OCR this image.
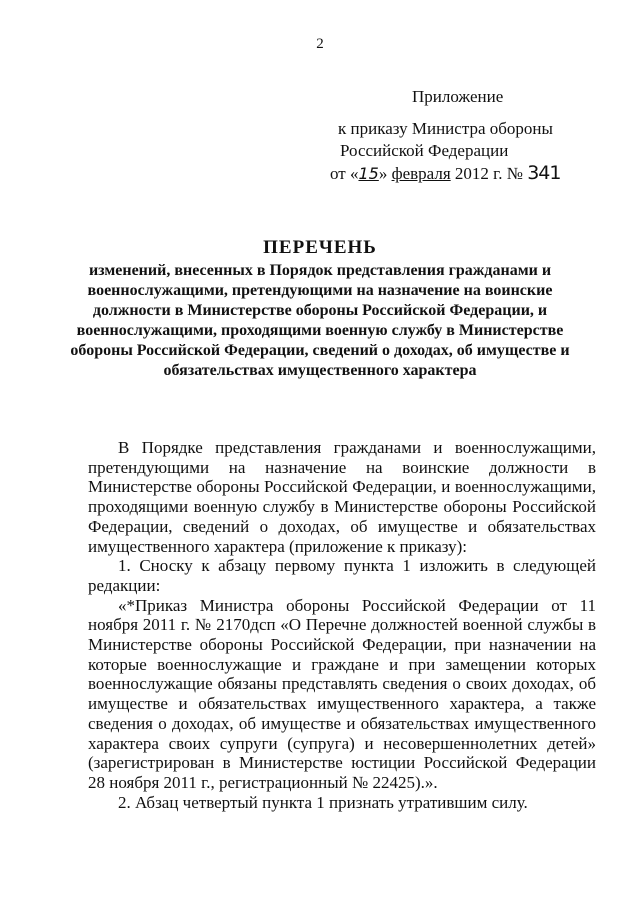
2
Приложение
к приказу Министра обороны
Российской Федерации
от «15» февраля 2012 г. № 341
ПЕРЕЧЕНЬ
изменений, внесенных в Порядок представления гражданами и военнослужащими, претендующими на назначение на воинские должности в Министерстве обороны Российской Федерации, и военнослужащими, проходящими военную службу в Министерстве обороны Российской Федерации, сведений о доходах, об имуществе и обязательствах имущественного характера

В Порядке представления гражданами и военнослужащими, претендующими на назначение на воинские должности в Министерстве обороны Российской Федерации, и военнослужащими, проходящими военную службу в Министерстве обороны Российской Федерации, сведений о доходах, об имуществе и обязательствах имущественного характера (приложение к приказу):

1. Сноску к абзацу первому пункта 1 изложить в следующей редакции:

«*Приказ Министра обороны Российской Федерации от 11 ноября 2011 г. № 2170дсп «О Перечне должностей военной службы в Министерстве обороны Российской Федерации, при назначении на которые военнослужащие и граждане и при замещении которых военнослужащие обязаны представлять сведения о своих доходах, об имуществе и обязательствах имущественного характера, а также сведения о доходах, об имуществе и обязательствах имущественного характера своих супруги (супруга) и несовершеннолетних детей» (зарегистрирован в Министерстве юстиции Российской Федерации 28 ноября 2011 г., регистрационный № 22425).».

2. Абзац четвертый пункта 1 признать утратившим силу.
